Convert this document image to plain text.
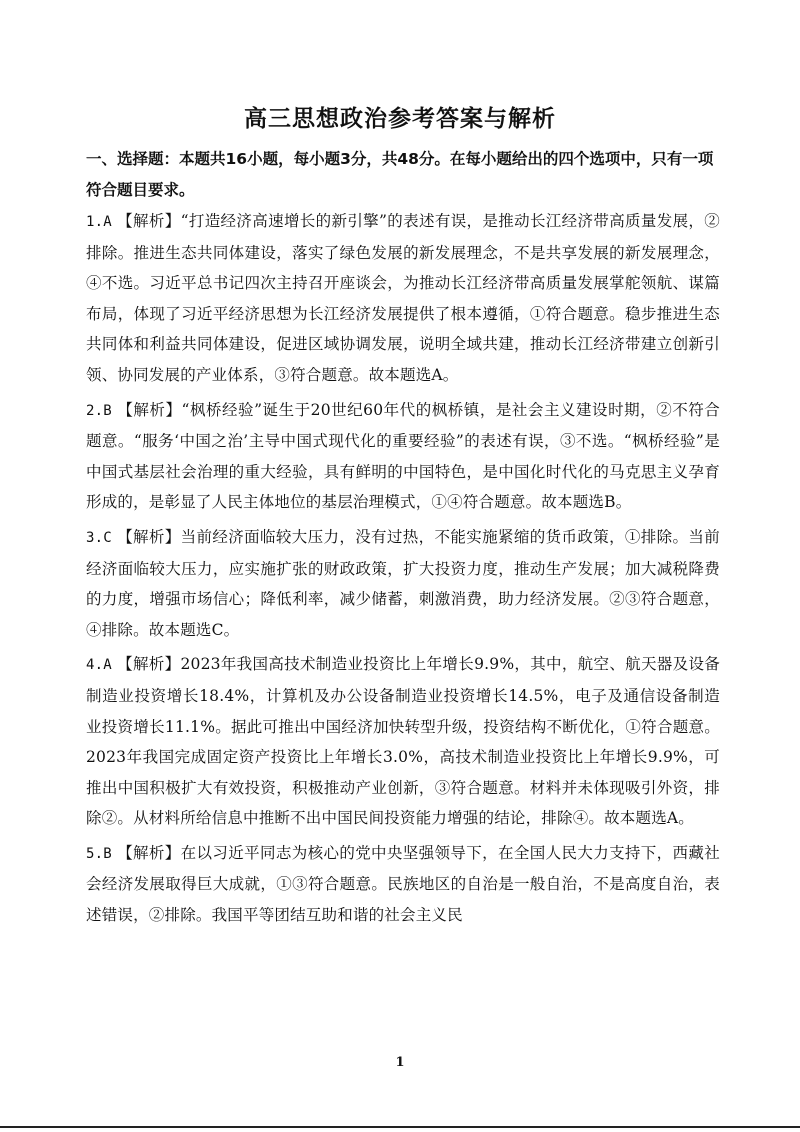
高三思想政治参考答案与解析
一、选择题：本题共16小题，每小题3分，共48分。在每小题给出的四个选项中，只有一项符合题目要求。

1.A 【解析】“打造经济高速增长的新引擎”的表述有误，是推动长江经济带高质量发展，②排除。推进生态共同体建设，落实了绿色发展的新发展理念，不是共享发展的新发展理念，④不选。习近平总书记四次主持召开座谈会，为推动长江经济带高质量发展掌舵领航、谋篇布局，体现了习近平经济思想为长江经济发展提供了根本遵循，①符合题意。稳步推进生态共同体和利益共同体建设，促进区域协调发展，说明全域共建，推动长江经济带建立创新引领、协同发展的产业体系，③符合题意。故本题选A。

2.B 【解析】“枫桥经验”诞生于20世纪60年代的枫桥镇，是社会主义建设时期，②不符合题意。“服务‘中国之治’主导中国式现代化的重要经验”的表述有误，③不选。“枫桥经验”是中国式基层社会治理的重大经验，具有鲜明的中国特色，是中国化时代化的马克思主义孕育形成的，是彰显了人民主体地位的基层治理模式，①④符合题意。故本题选B。

3.C 【解析】当前经济面临较大压力，没有过热，不能实施紧缩的货币政策，①排除。当前经济面临较大压力，应实施扩张的财政政策，扩大投资力度，推动生产发展；加大减税降费的力度，增强市场信心；降低利率，减少储蓄，刺激消费，助力经济发展。②③符合题意，④排除。故本题选C。

4.A 【解析】2023年我国高技术制造业投资比上年增长9.9%，其中，航空、航天器及设备制造业投资增长18.4%，计算机及办公设备制造业投资增长14.5%，电子及通信设备制造业投资增长11.1%。据此可推出中国经济加快转型升级，投资结构不断优化，①符合题意。2023年我国完成固定资产投资比上年增长3.0%，高技术制造业投资比上年增长9.9%，可推出中国积极扩大有效投资，积极推动产业创新，③符合题意。材料并未体现吸引外资，排除②。从材料所给信息中推断不出中国民间投资能力增强的结论，排除④。故本题选A。

5.B 【解析】在以习近平同志为核心的党中央坚强领导下，在全国人民大力支持下，西藏社会经济发展取得巨大成就，①③符合题意。民族地区的自治是一般自治，不是高度自治，表述错误，②排除。我国平等团结互助和谐的社会主义民

1
